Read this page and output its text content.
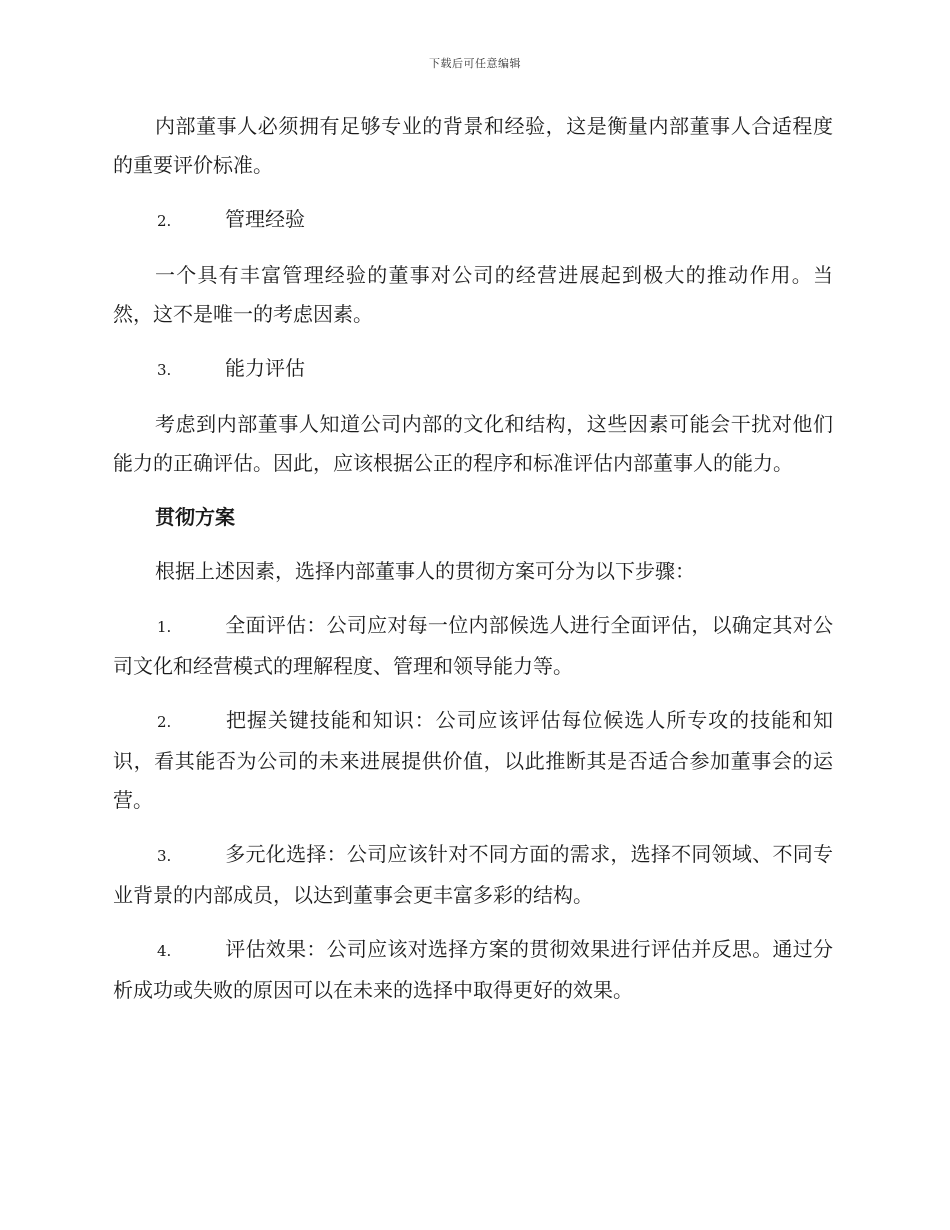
下载后可任意编辑

内部董事人必须拥有足够专业的背景和经验，这是衡量内部董事人合适程度的重要评价标准。

2.	管理经验

一个具有丰富管理经验的董事对公司的经营进展起到极大的推动作用。当然，这不是唯一的考虑因素。

3.	能力评估

考虑到内部董事人知道公司内部的文化和结构，这些因素可能会干扰对他们能力的正确评估。因此，应该根据公正的程序和标准评估内部董事人的能力。

贯彻方案

根据上述因素，选择内部董事人的贯彻方案可分为以下步骤：

1.	全面评估：公司应对每一位内部候选人进行全面评估，以确定其对公司文化和经营模式的理解程度、管理和领导能力等。

2.	把握关键技能和知识：公司应该评估每位候选人所专攻的技能和知识，看其能否为公司的未来进展提供价值，以此推断其是否适合参加董事会的运营。

3.	多元化选择：公司应该针对不同方面的需求，选择不同领域、不同专业背景的内部成员，以达到董事会更丰富多彩的结构。

4.	评估效果：公司应该对选择方案的贯彻效果进行评估并反思。通过分析成功或失败的原因可以在未来的选择中取得更好的效果。
